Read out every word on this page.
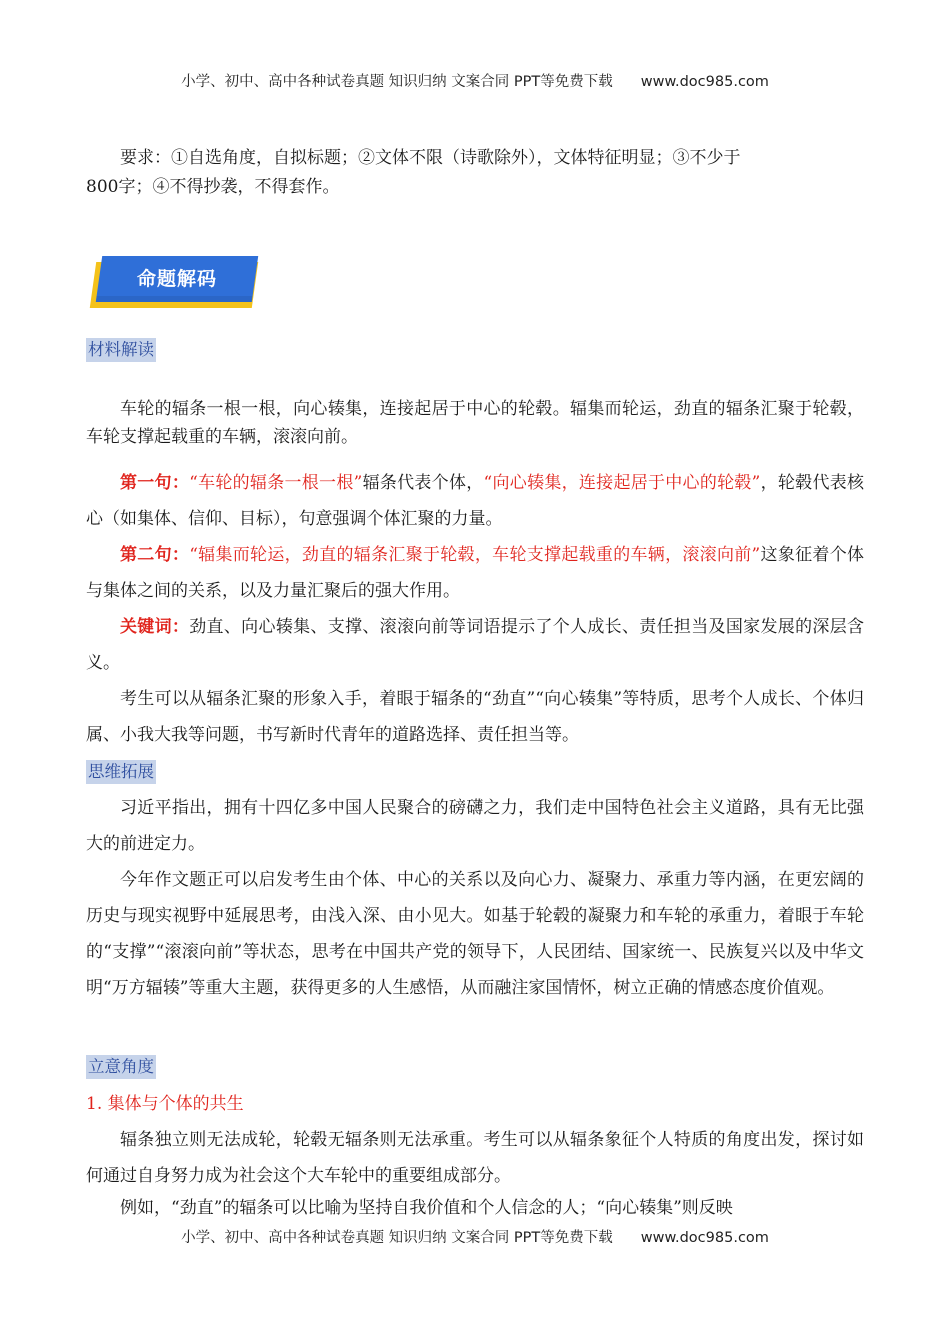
小学、初中、高中各种试卷真题 知识归纳 文案合同 PPT等免费下载 www.doc985.com

要求：①自选角度，自拟标题；②文体不限（诗歌除外），文体特征明显；③不少于

800字；④不得抄袭，不得套作。

命题解码
材料解读

车轮的辐条一根一根，向心辏集，连接起居于中心的轮毂。辐集而轮运，劲直的辐条汇聚于轮毂，车轮支撑起载重的车辆，滚滚向前。

第一句：“车轮的辐条一根一根”辐条代表个体，“向心辏集，连接起居于中心的轮毂”，轮毂代表核心（如集体、信仰、目标），句意强调个体汇聚的力量。

第二句：“辐集而轮运，劲直的辐条汇聚于轮毂，车轮支撑起载重的车辆，滚滚向前”这象征着个体与集体之间的关系，以及力量汇聚后的强大作用。

关键词：劲直、向心辏集、支撑、滚滚向前等词语提示了个人成长、责任担当及国家发展的深层含义。

考生可以从辐条汇聚的形象入手，着眼于辐条的“劲直”“向心辏集”等特质，思考个人成长、个体归属、小我大我等问题，书写新时代青年的道路选择、责任担当等。

思维拓展

习近平指出，拥有十四亿多中国人民聚合的磅礴之力，我们走中国特色社会主义道路，具有无比强大的前进定力。

今年作文题正可以启发考生由个体、中心的关系以及向心力、凝聚力、承重力等内涵，在更宏阔的历史与现实视野中延展思考，由浅入深、由小见大。如基于轮毂的凝聚力和车轮的承重力，着眼于车轮的“支撑”“滚滚向前”等状态，思考在中国共产党的领导下，人民团结、国家统一、民族复兴以及中华文明“万方辐辏”等重大主题，获得更多的人生感悟，从而融注家国情怀，树立正确的情感态度价值观。

立意角度
1. 集体与个体的共生

辐条独立则无法成轮，轮毂无辐条则无法承重。考生可以从辐条象征个人特质的角度出发，探讨如何通过自身努力成为社会这个大车轮中的重要组成部分。

例如，“劲直”的辐条可以比喻为坚持自我价值和个人信念的人；“向心辏集”则反映

小学、初中、高中各种试卷真题 知识归纳 文案合同 PPT等免费下载 www.doc985.com
